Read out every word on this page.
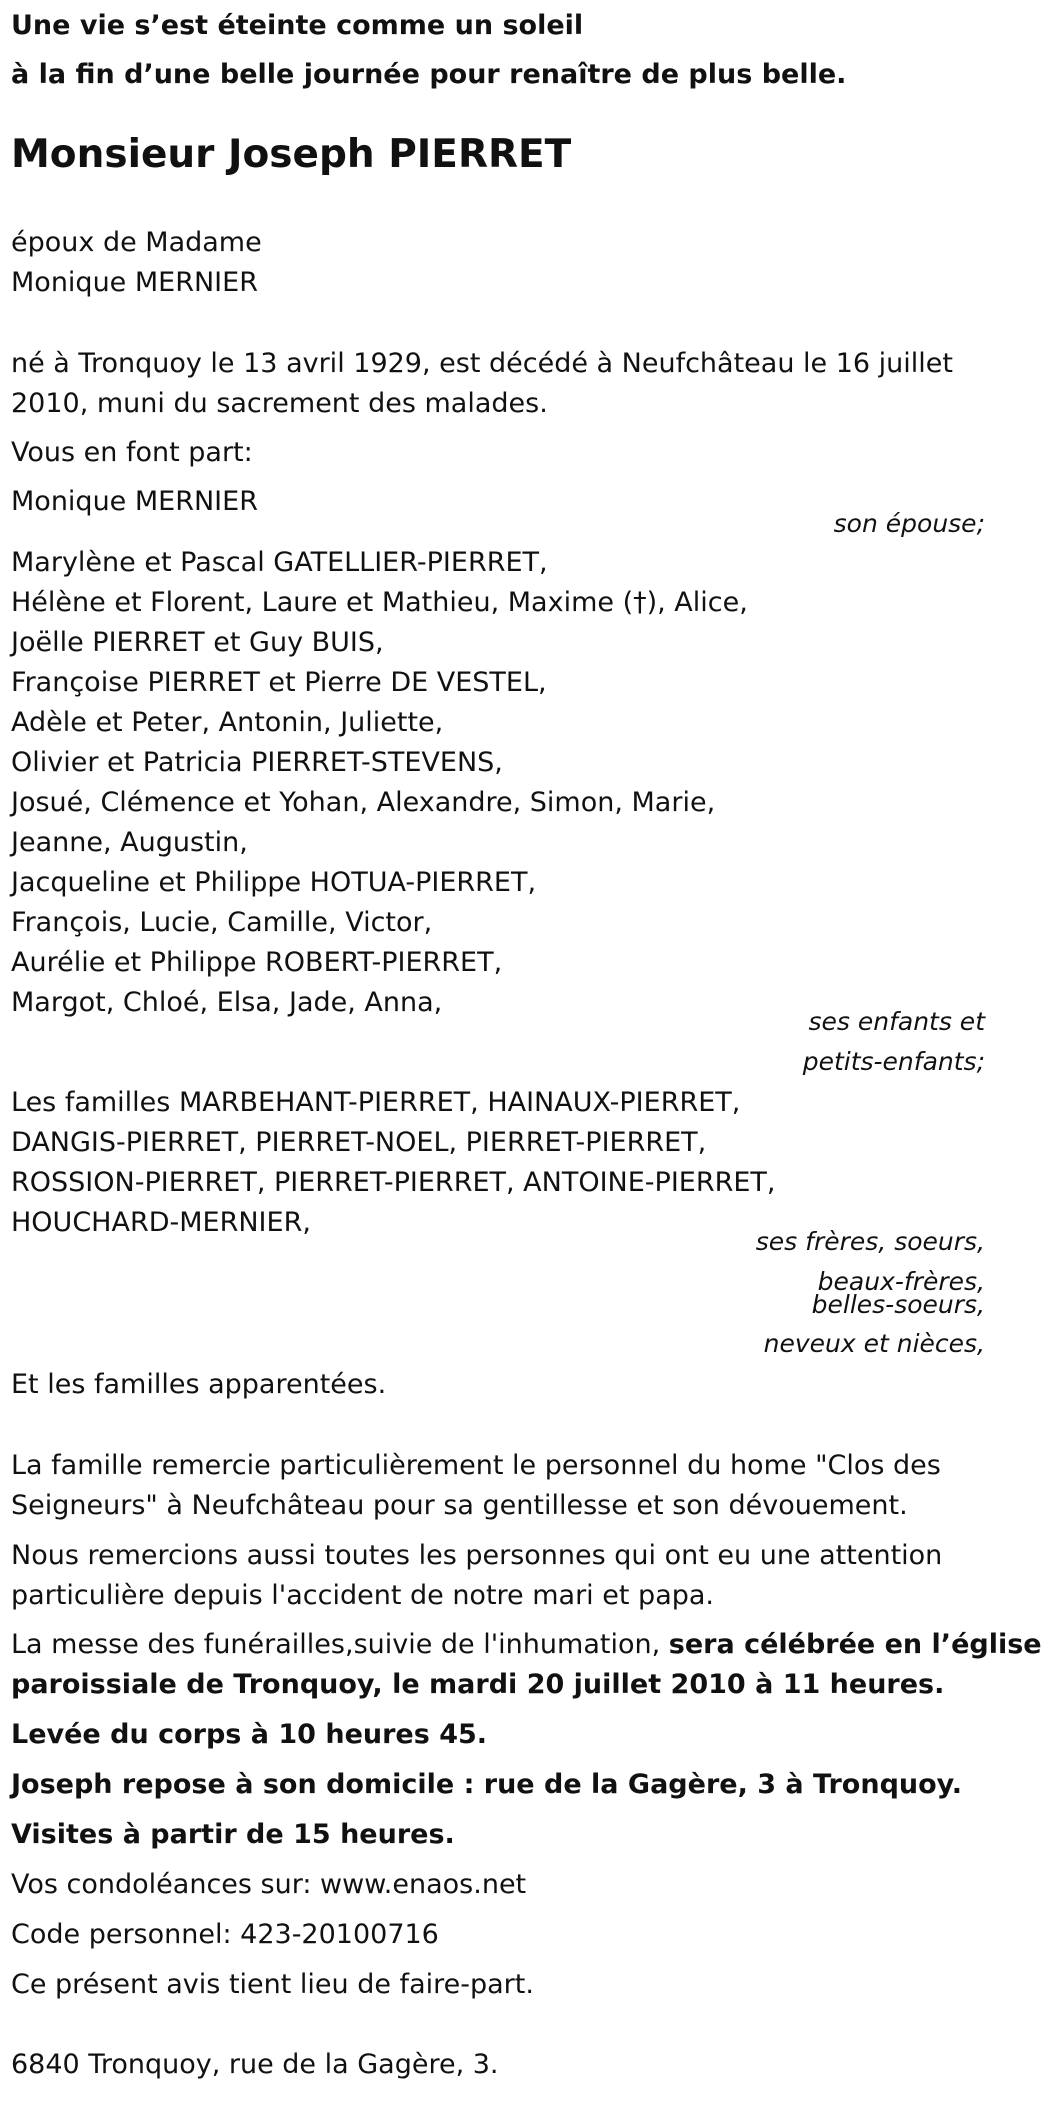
Une vie s’est éteinte comme un soleil
à la fin d’une belle journée pour renaître de plus belle.
Monsieur Joseph PIERRET
époux de Madame
Monique MERNIER
né à Tronquoy le 13 avril 1929, est décédé à Neufchâteau le 16 juillet
2010, muni du sacrement des malades.
Vous en font part:
Monique MERNIER
son épouse;
Marylène et Pascal GATELLIER-PIERRET,
Hélène et Florent, Laure et Mathieu, Maxime (†), Alice,
Joëlle PIERRET et Guy BUIS,
Françoise PIERRET et Pierre DE VESTEL,
Adèle et Peter, Antonin, Juliette,
Olivier et Patricia PIERRET-STEVENS,
Josué, Clémence et Yohan, Alexandre, Simon, Marie,
Jeanne, Augustin,
Jacqueline et Philippe HOTUA-PIERRET,
François, Lucie, Camille, Victor,
Aurélie et Philippe ROBERT-PIERRET,
Margot, Chloé, Elsa, Jade, Anna,
ses enfants et
petits-enfants;
Les familles MARBEHANT-PIERRET, HAINAUX-PIERRET,
DANGIS-PIERRET, PIERRET-NOEL, PIERRET-PIERRET,
ROSSION-PIERRET, PIERRET-PIERRET, ANTOINE-PIERRET,
HOUCHARD-MERNIER,
ses frères, soeurs,
beaux-frères,
belles-soeurs,
neveux et nièces,
Et les familles apparentées.
La famille remercie particulièrement le personnel du home "Clos des
Seigneurs" à Neufchâteau pour sa gentillesse et son dévouement.
Nous remercions aussi toutes les personnes qui ont eu une attention
particulière depuis l'accident de notre mari et papa.
La messe des funérailles,suivie de l'inhumation, sera célébrée en l’église
paroissiale de Tronquoy, le mardi 20 juillet 2010 à 11 heures.
Levée du corps à 10 heures 45.
Joseph repose à son domicile : rue de la Gagère, 3 à Tronquoy.
Visites à partir de 15 heures.
Vos condoléances sur: www.enaos.net
Code personnel: 423-20100716
Ce présent avis tient lieu de faire-part.
6840 Tronquoy, rue de la Gagère, 3.
